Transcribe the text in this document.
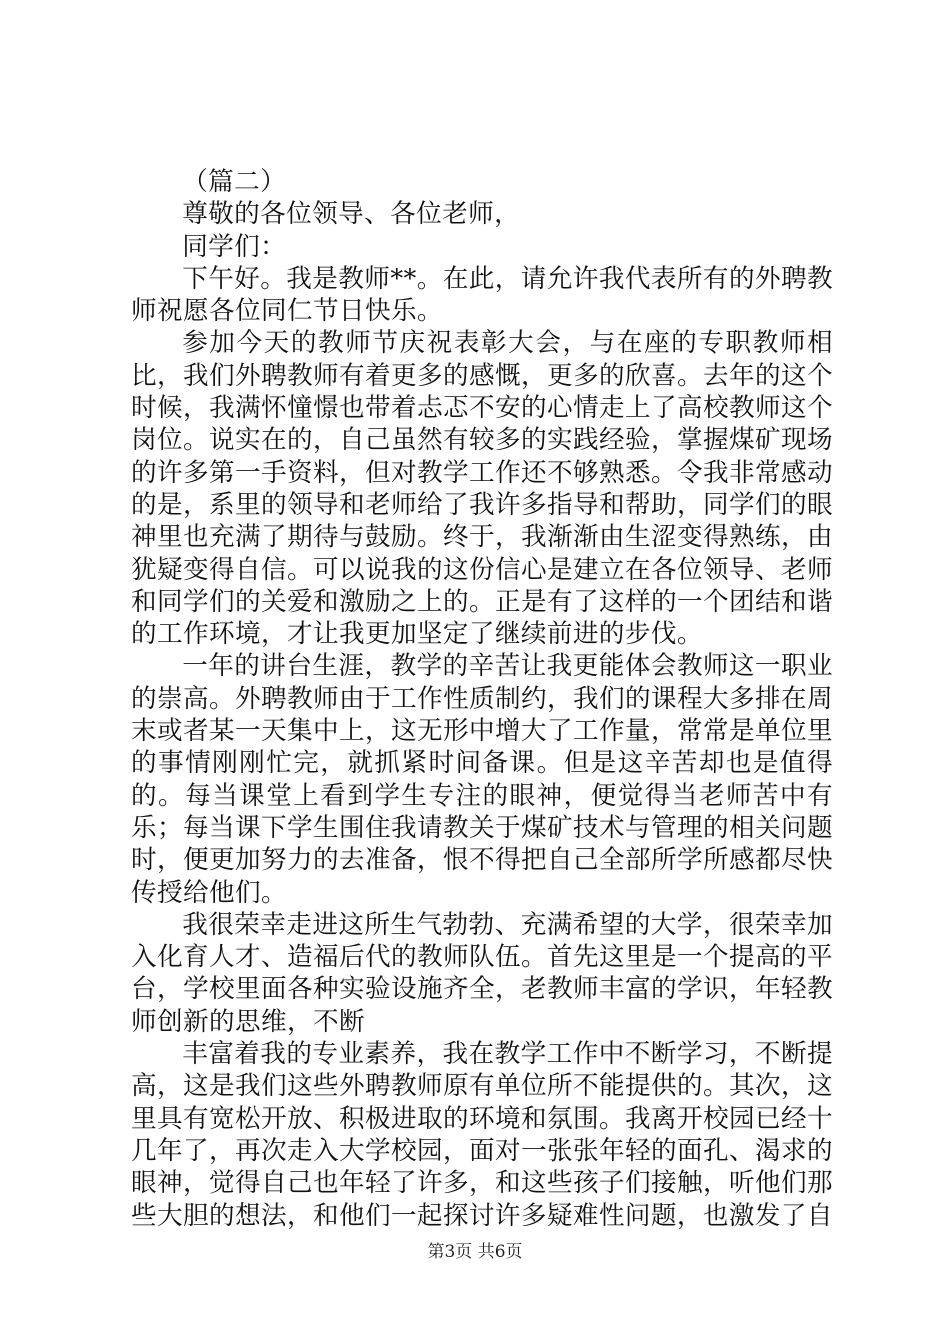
（篇二）

尊敬的各位领导、各位老师，

同学们：

下午好。我是教师**。在此，请允许我代表所有的外聘教师祝愿各位同仁节日快乐。

参加今天的教师节庆祝表彰大会，与在座的专职教师相比，我们外聘教师有着更多的感慨，更多的欣喜。去年的这个时候，我满怀憧憬也带着忐忑不安的心情走上了高校教师这个岗位。说实在的，自己虽然有较多的实践经验，掌握煤矿现场的许多第一手资料，但对教学工作还不够熟悉。令我非常感动的是，系里的领导和老师给了我许多指导和帮助，同学们的眼神里也充满了期待与鼓励。终于，我渐渐由生涩变得熟练，由犹疑变得自信。可以说我的这份信心是建立在各位领导、老师和同学们的关爱和激励之上的。正是有了这样的一个团结和谐的工作环境，才让我更加坚定了继续前进的步伐。

一年的讲台生涯，教学的辛苦让我更能体会教师这一职业的崇高。外聘教师由于工作性质制约，我们的课程大多排在周末或者某一天集中上，这无形中增大了工作量，常常是单位里的事情刚刚忙完，就抓紧时间备课。但是这辛苦却也是值得的。每当课堂上看到学生专注的眼神，便觉得当老师苦中有乐；每当课下学生围住我请教关于煤矿技术与管理的相关问题时，便更加努力的去准备，恨不得把自己全部所学所感都尽快传授给他们。

我很荣幸走进这所生气勃勃、充满希望的大学，很荣幸加入化育人才、造福后代的教师队伍。首先这里是一个提高的平台，学校里面各种实验设施齐全，老教师丰富的学识，年轻教师创新的思维，不断

丰富着我的专业素养，我在教学工作中不断学习，不断提高，这是我们这些外聘教师原有单位所不能提供的。其次，这里具有宽松开放、积极进取的环境和氛围。我离开校园已经十几年了，再次走入大学校园，面对一张张年轻的面孔、渴求的眼神，觉得自己也年轻了许多，和这些孩子们接触，听他们那些大胆的想法，和他们一起探讨许多疑难性问题，也激发了自

第3页 共6页
